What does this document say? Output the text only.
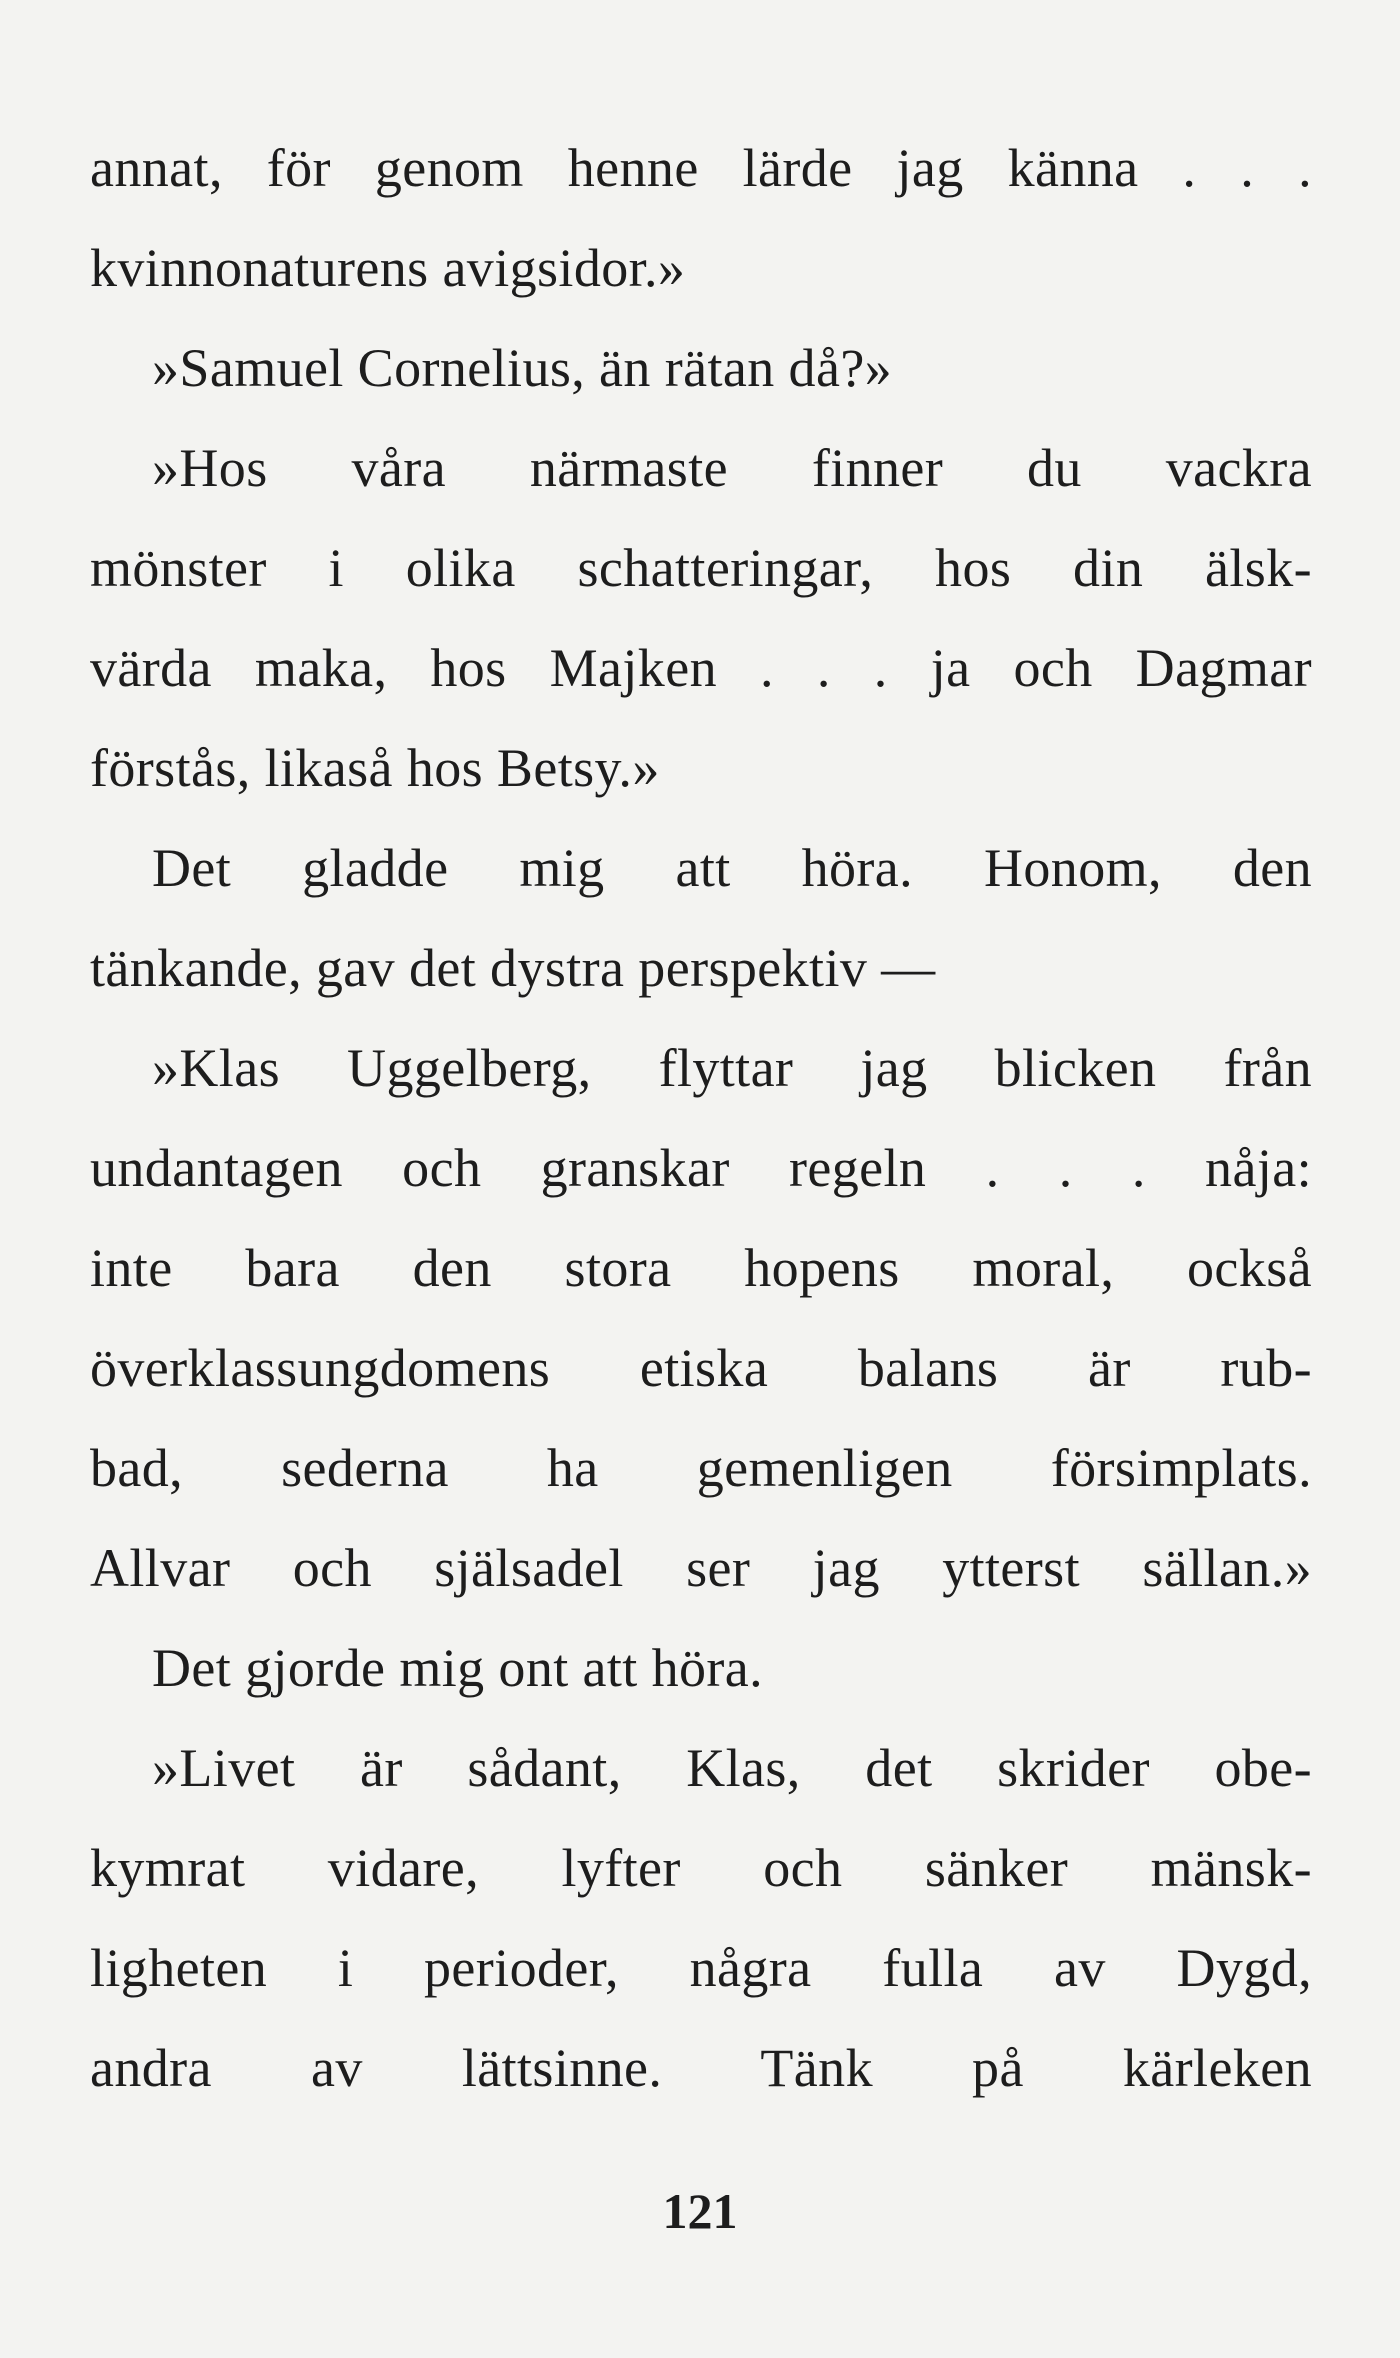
annat, för genom henne lärde jag känna . . .
kvinnonaturens avigsidor.»
»Samuel Cornelius, än rätan då?»
»Hos våra närmaste finner du vackra
mönster i olika schatteringar, hos din älsk-
värda maka, hos Majken . . . ja och Dagmar
förstås, likaså hos Betsy.»
Det gladde mig att höra. Honom, den
tänkande, gav det dystra perspektiv —
»Klas Uggelberg, flyttar jag blicken från
undantagen och granskar regeln . . . nåja:
inte bara den stora hopens moral, också
överklassungdomens etiska balans är rub-
bad, sederna ha gemenligen försimplats.
Allvar och själsadel ser jag ytterst sällan.»
Det gjorde mig ont att höra.
»Livet är sådant, Klas, det skrider obe-
kymrat vidare, lyfter och sänker mänsk-
ligheten i perioder, några fulla av Dygd,
andra av lättsinne. Tänk på kärleken
121
